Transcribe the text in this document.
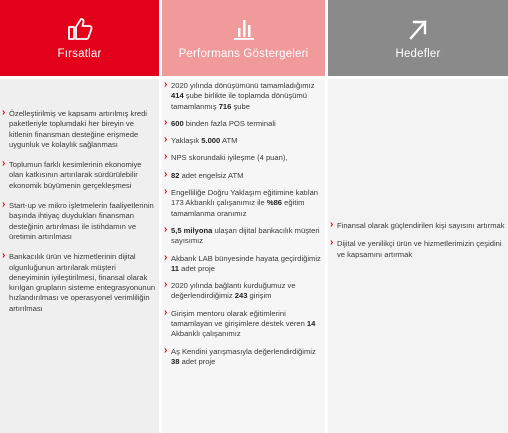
Fırsatlar
› Özelleştirilmiş ve kapsamı artırılmış kredi paketleriyle toplumdaki her bireyin ve kitlenin finansman desteğine erişmede uygunluk ve kolaylık sağlanması
› Toplumun farklı kesimlerinin ekonomiye olan katkısının artırılarak sürdürülebilir ekonomik büyümenin gerçekleşmesi
› Start-up ve mikro işletmelerin faaliyetlerinin başında ihtiyaç duydukları finansman desteğinin artırılması ile istihdamın ve üretimin artırılması
› Bankacılık ürün ve hizmetlerinin dijital olgunluğunun artırılarak müşteri deneyiminin iyileştirilmesi, finansal olarak kırılgan grupların sisteme entegrasyonunun hızlandırılması ve operasyonel verimliliğin artırılması
Performans Göstergeleri
› 2020 yılında dönüşümünü tamamladığımız 414 şube birlikte ile toplamda dönüşümü tamamlanmış 716 şube
› 600 binden fazla POS terminali
› Yaklaşık 5.000 ATM
› NPS skorundaki iyileşme (4 puan),
› 82 adet engelsiz ATM
› Engelliliğe Doğru Yaklaşım eğitimine katılan 173 Akbanklı çalışanımız ile %86 eğitim tamamlanma oranımız
› 5,5 milyona ulaşan dijital bankacılık müşteri sayısımız
› Akbank LAB bünyesinde hayata geçirdiğimiz 11 adet proje
› 2020 yılında bağlantı kurduğumuz ve değerlendirdiğimiz 243 girişim
› Girişim mentoru olarak eğitimlerini tamamlayan ve girişimlere destek veren 14 Akbanklı çalışanımız
› Aş Kendini yarışmasıyla değerlendirdiğimiz 38 adet proje
Hedefler
› Finansal olarak güçlendirilen kişi sayısını artırmak
› Dijital ve yenilikçi ürün ve hizmetlerimizin çeşidini ve kapsamını artırmak
